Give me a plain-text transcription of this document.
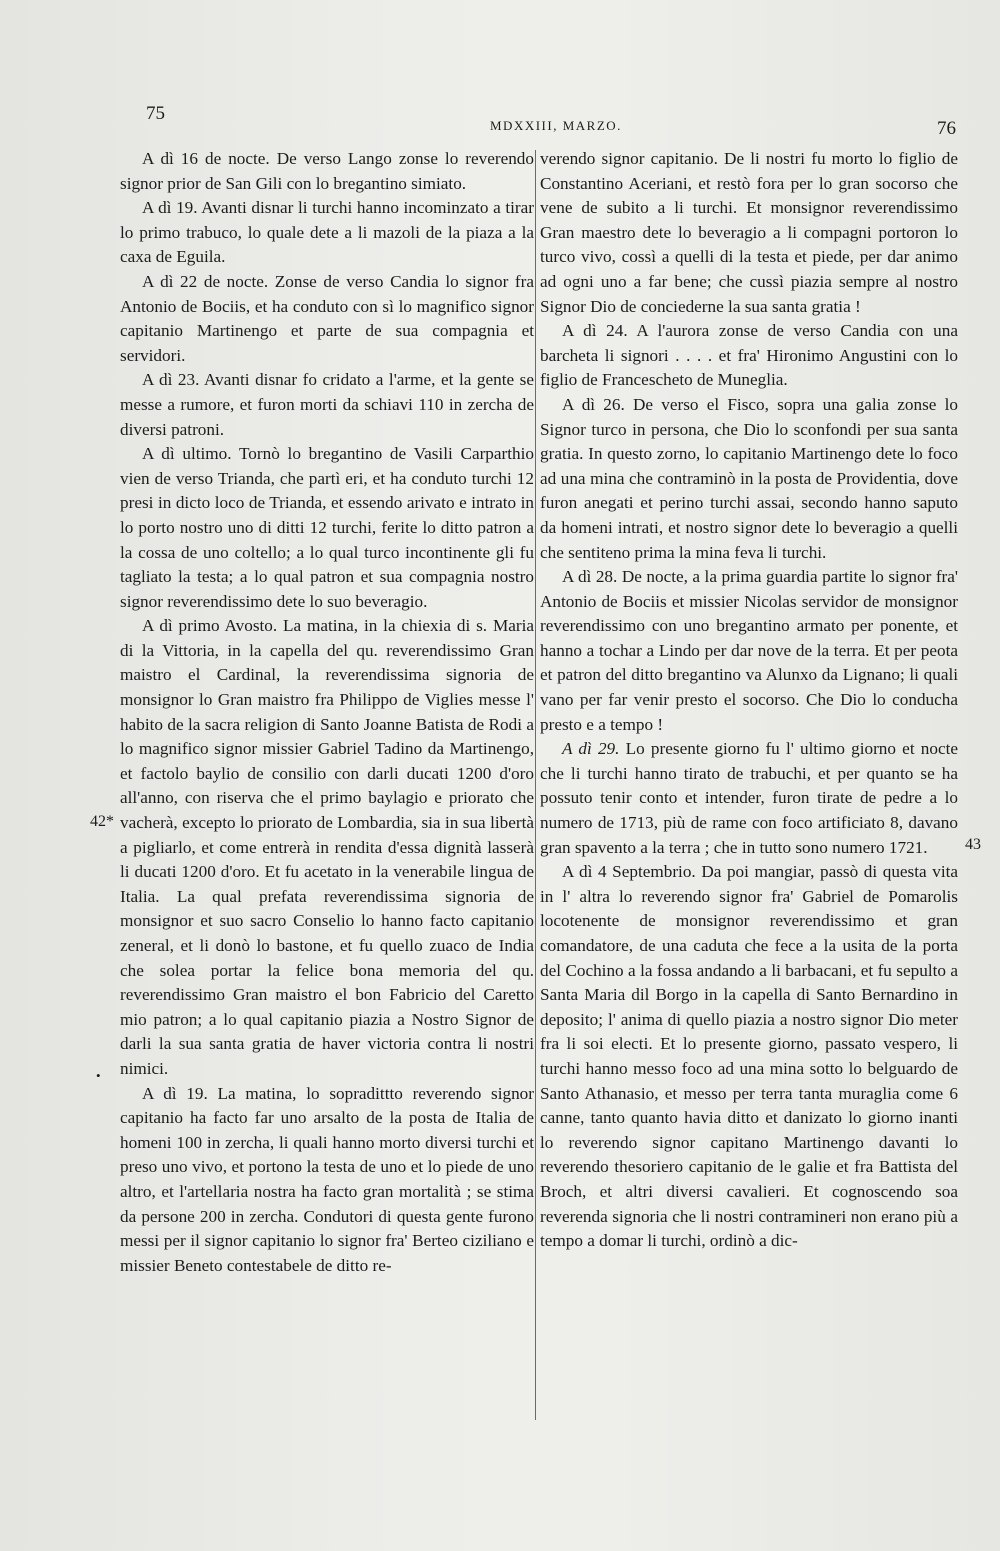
75
MDXXIII, MARZO.	76
42*
43
•

A dì 16 de nocte. De verso Lango zonse lo reverendo signor prior de San Gili con lo bregantino simiato.

A dì 19. Avanti disnar li turchi hanno incominzato a tirar lo primo trabuco, lo quale dete a li mazoli de la piaza a la caxa de Eguila.

A dì 22 de nocte. Zonse de verso Candia lo signor fra Antonio de Bociis, et ha conduto con sì lo magnifico signor capitanio Martinengo et parte de sua compagnia et servidori.

A dì 23. Avanti disnar fo cridato a l'arme, et la gente se messe a rumore, et furon morti da schiavi 110 in zercha de diversi patroni.

A dì ultimo. Tornò lo bregantino de Vasili Carparthio vien de verso Trianda, che partì eri, et ha conduto turchi 12 presi in dicto loco de Trianda, et essendo arivato e intrato in lo porto nostro uno di ditti 12 turchi, ferite lo ditto patron a la cossa de uno coltello; a lo qual turco incontinente gli fu tagliato la testa; a lo qual patron et sua compagnia nostro signor reverendissimo dete lo suo beveragio.

A dì primo Avosto. La matina, in la chiexia di s. Maria di la Vittoria, in la capella del qu. reverendissimo Gran maistro el Cardinal, la reverendissima signoria de monsignor lo Gran maistro fra Philippo de Viglies messe l' habito de la sacra religion di Santo Joanne Batista de Rodi a lo magnifico signor missier Gabriel Tadino da Martinengo, et factolo baylio de consilio con darli ducati 1200 d'oro all'anno, con riserva che el primo baylagio e priorato che vacherà, excepto lo priorato de Lombardia, sia in sua libertà a pigliarlo, et come entrerà in rendita d'essa dignità lasserà li ducati 1200 d'oro. Et fu acetato in la venerabile lingua de Italia. La qual prefata reverendissima signoria de monsignor et suo sacro Conselio lo hanno facto capitanio zeneral, et li donò lo bastone, et fu quello zuaco de India che solea portar la felice bona memoria del qu. reverendissimo Gran maistro el bon Fabricio del Caretto mio patron; a lo qual capitanio piazia a Nostro Signor de darli la sua santa gratia de haver victoria contra li nostri nimici.

A dì 19. La matina, lo sopradittto reverendo signor capitanio ha facto far uno arsalto de la posta de Italia de homeni 100 in zercha, li quali hanno morto diversi turchi et preso uno vivo, et portono la testa de uno et lo piede de uno altro, et l'artellaria nostra ha facto gran mortalità ; se stima da persone 200 in zercha. Condutori di questa gente furono messi per il signor capitanio lo signor fra' Berteo ciziliano e missier Beneto contestabele de ditto re-

verendo signor capitanio. De li nostri fu morto lo figlio de Constantino Aceriani, et restò fora per lo gran socorso che vene de subito a li turchi. Et monsignor reverendissimo Gran maestro dete lo beveragio a li compagni portoron lo turco vivo, cossì a quelli di la testa et piede, per dar animo ad ogni uno a far bene; che cussì piazia sempre al nostro Signor Dio de conciederne la sua santa gratia !

A dì 24. A l'aurora zonse de verso Candia con una barcheta li signori . . . . et fra' Hironimo Angustini con lo figlio de Francescheto de Muneglia.

A dì 26. De verso el Fisco, sopra una galia zonse lo Signor turco in persona, che Dio lo sconfondi per sua santa gratia. In questo zorno, lo capitanio Martinengo dete lo foco ad una mina che contraminò in la posta de Providentia, dove furon anegati et perino turchi assai, secondo hanno saputo da homeni intrati, et nostro signor dete lo beveragio a quelli che sentiteno prima la mina feva li turchi.

A dì 28. De nocte, a la prima guardia partite lo signor fra' Antonio de Bociis et missier Nicolas servidor de monsignor reverendissimo con uno bregantino armato per ponente, et hanno a tochar a Lindo per dar nove de la terra. Et per peota et patron del ditto bregantino va Alunxo da Lignano; li quali vano per far venir presto el socorso. Che Dio lo conducha presto e a tempo !

A dì 29. Lo presente giorno fu l' ultimo giorno et nocte che li turchi hanno tirato de trabuchi, et per quanto se ha possuto tenir conto et intender, furon tirate de pedre a lo numero de 1713, più de rame con foco artificiato 8, davano gran spavento a la terra ; che in tutto sono numero 1721.

A dì 4 Septembrio. Da poi mangiar, passò di questa vita in l' altra lo reverendo signor fra' Gabriel de Pomarolis locotenente de monsignor reverendissimo et gran comandatore, de una caduta che fece a la usita de la porta del Cochino a la fossa andando a li barbacani, et fu sepulto a Santa Maria dil Borgo in la capella di Santo Bernardino in deposito; l' anima di quello piazia a nostro signor Dio meter fra li soi electi. Et lo presente giorno, passato vespero, li turchi hanno messo foco ad una mina sotto lo belguardo de Santo Athanasio, et messo per terra tanta muraglia come 6 canne, tanto quanto havia ditto et danizato lo giorno inanti lo reverendo signor capitano Martinengo davanti lo reverendo thesoriero capitanio de le galie et fra Battista del Broch, et altri diversi cavalieri. Et cognoscendo soa reverenda signoria che li nostri contramineri non erano più a tempo a domar li turchi, ordinò a dic-
